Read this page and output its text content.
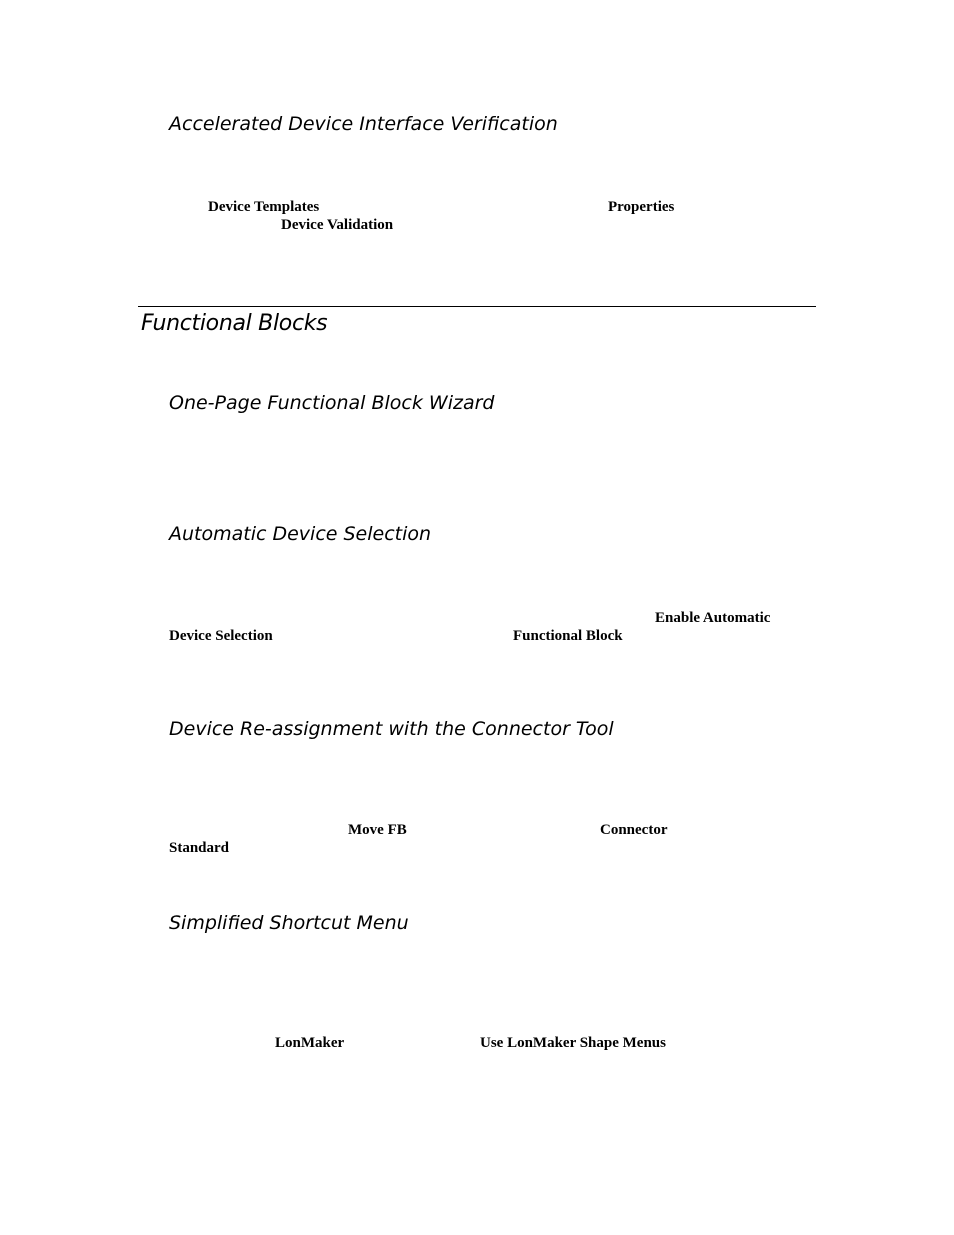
Accelerated Device Interface Verification
Device Templates	Properties
Device Validation
Functional Blocks
One-Page Functional Block Wizard
Automatic Device Selection
Enable Automatic
Device Selection	Functional Block
Device Re-assignment with the Connector Tool
Move FB	Connector
Standard
Simplified Shortcut Menu
LonMaker	Use LonMaker Shape Menus
